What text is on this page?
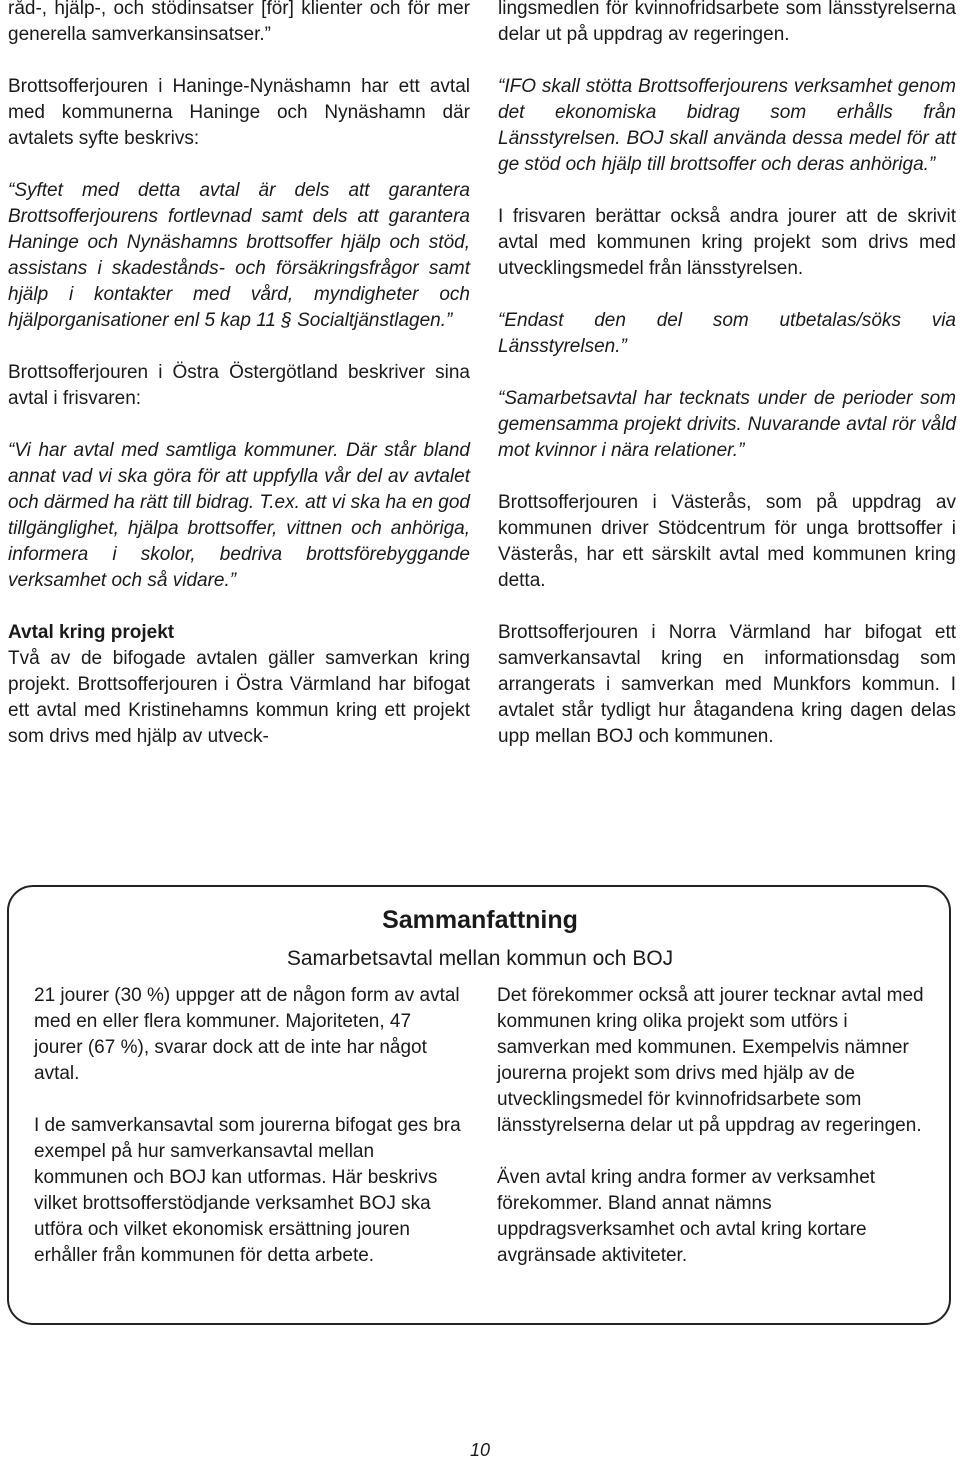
råd-, hjälp-, och stödinsatser [för] klienter och för mer generella samverkansinsatser.”

Brottsofferjouren i Haninge-Nynäshamn har ett avtal med kommunerna Haninge och Nynäshamn där avtalets syfte beskrivs:

“Syftet med detta avtal är dels att garantera Brottsofferjourens fortlevnad samt dels att garantera Haninge och Nynäshamns brottsoffer hjälp och stöd, assistans i skadestånds- och försäkringsfrågor samt hjälp i kontakter med vård, myndigheter och hjälporganisationer enl 5 kap 11 § Socialtjänstlagen.”

Brottsofferjouren i Östra Östergötland beskriver sina avtal i frisvaren:

“Vi har avtal med samtliga kommuner. Där står bland annat vad vi ska göra för att uppfylla vår del av avtalet och därmed ha rätt till bidrag. T.ex. att vi ska ha en god tillgänglighet, hjälpa brottsoffer, vittnen och anhöriga, informera i skolor, bedriva brottsförebyggande verksamhet och så vidare.”

Avtal kring projekt

Två av de bifogade avtalen gäller samverkan kring projekt. Brottsofferjouren i Östra Värmland har bifogat ett avtal med Kristinehamns kommun kring ett projekt som drivs med hjälp av utveck-

lingsmedlen för kvinnofridsarbete som länsstyrelserna delar ut på uppdrag av regeringen.

“IFO skall stötta Brottsofferjourens verksamhet genom det ekonomiska bidrag som erhålls från Länsstyrelsen. BOJ skall använda dessa medel för att ge stöd och hjälp till brottsoffer och deras anhöriga.”

I frisvaren berättar också andra jourer att de skrivit avtal med kommunen kring projekt som drivs med utvecklingsmedel från länsstyrelsen.

“Endast den del som utbetalas/söks via Länsstyrelsen.”

“Samarbetsavtal har tecknats under de perioder som gemensamma projekt drivits. Nuvarande avtal rör våld mot kvinnor i nära relationer.”

Brottsofferjouren i Västerås, som på uppdrag av kommunen driver Stödcentrum för unga brottsoffer i Västerås, har ett särskilt avtal med kommunen kring detta.

Brottsofferjouren i Norra Värmland har bifogat ett samverkansavtal kring en informationsdag som arrangerats i samverkan med Munkfors kommun. I avtalet står tydligt hur åtagandena kring dagen delas upp mellan BOJ och kommunen.

Sammanfattning
Samarbetsavtal mellan kommun och BOJ

21 jourer (30 %) uppger att de någon form av avtal med en eller flera kommuner. Majoriteten, 47 jourer (67 %), svarar dock att de inte har något avtal.

I de samverkansavtal som jourerna bifogat ges bra exempel på hur samverkansavtal mellan kommunen och BOJ kan utformas. Här beskrivs vilket brottsofferstödjande verksamhet BOJ ska utföra och vilket ekonomisk ersättning jouren erhåller från kommunen för detta arbete.

Det förekommer också att jourer tecknar avtal med kommunen kring olika projekt som utförs i samverkan med kommunen. Exempelvis nämner jourerna projekt som drivs med hjälp av de utvecklingsmedel för kvinnofridsarbete som länsstyrelserna delar ut på uppdrag av regeringen.

Även avtal kring andra former av verksamhet förekommer. Bland annat nämns uppdragsverksamhet och avtal kring kortare avgränsade aktiviteter.

10
